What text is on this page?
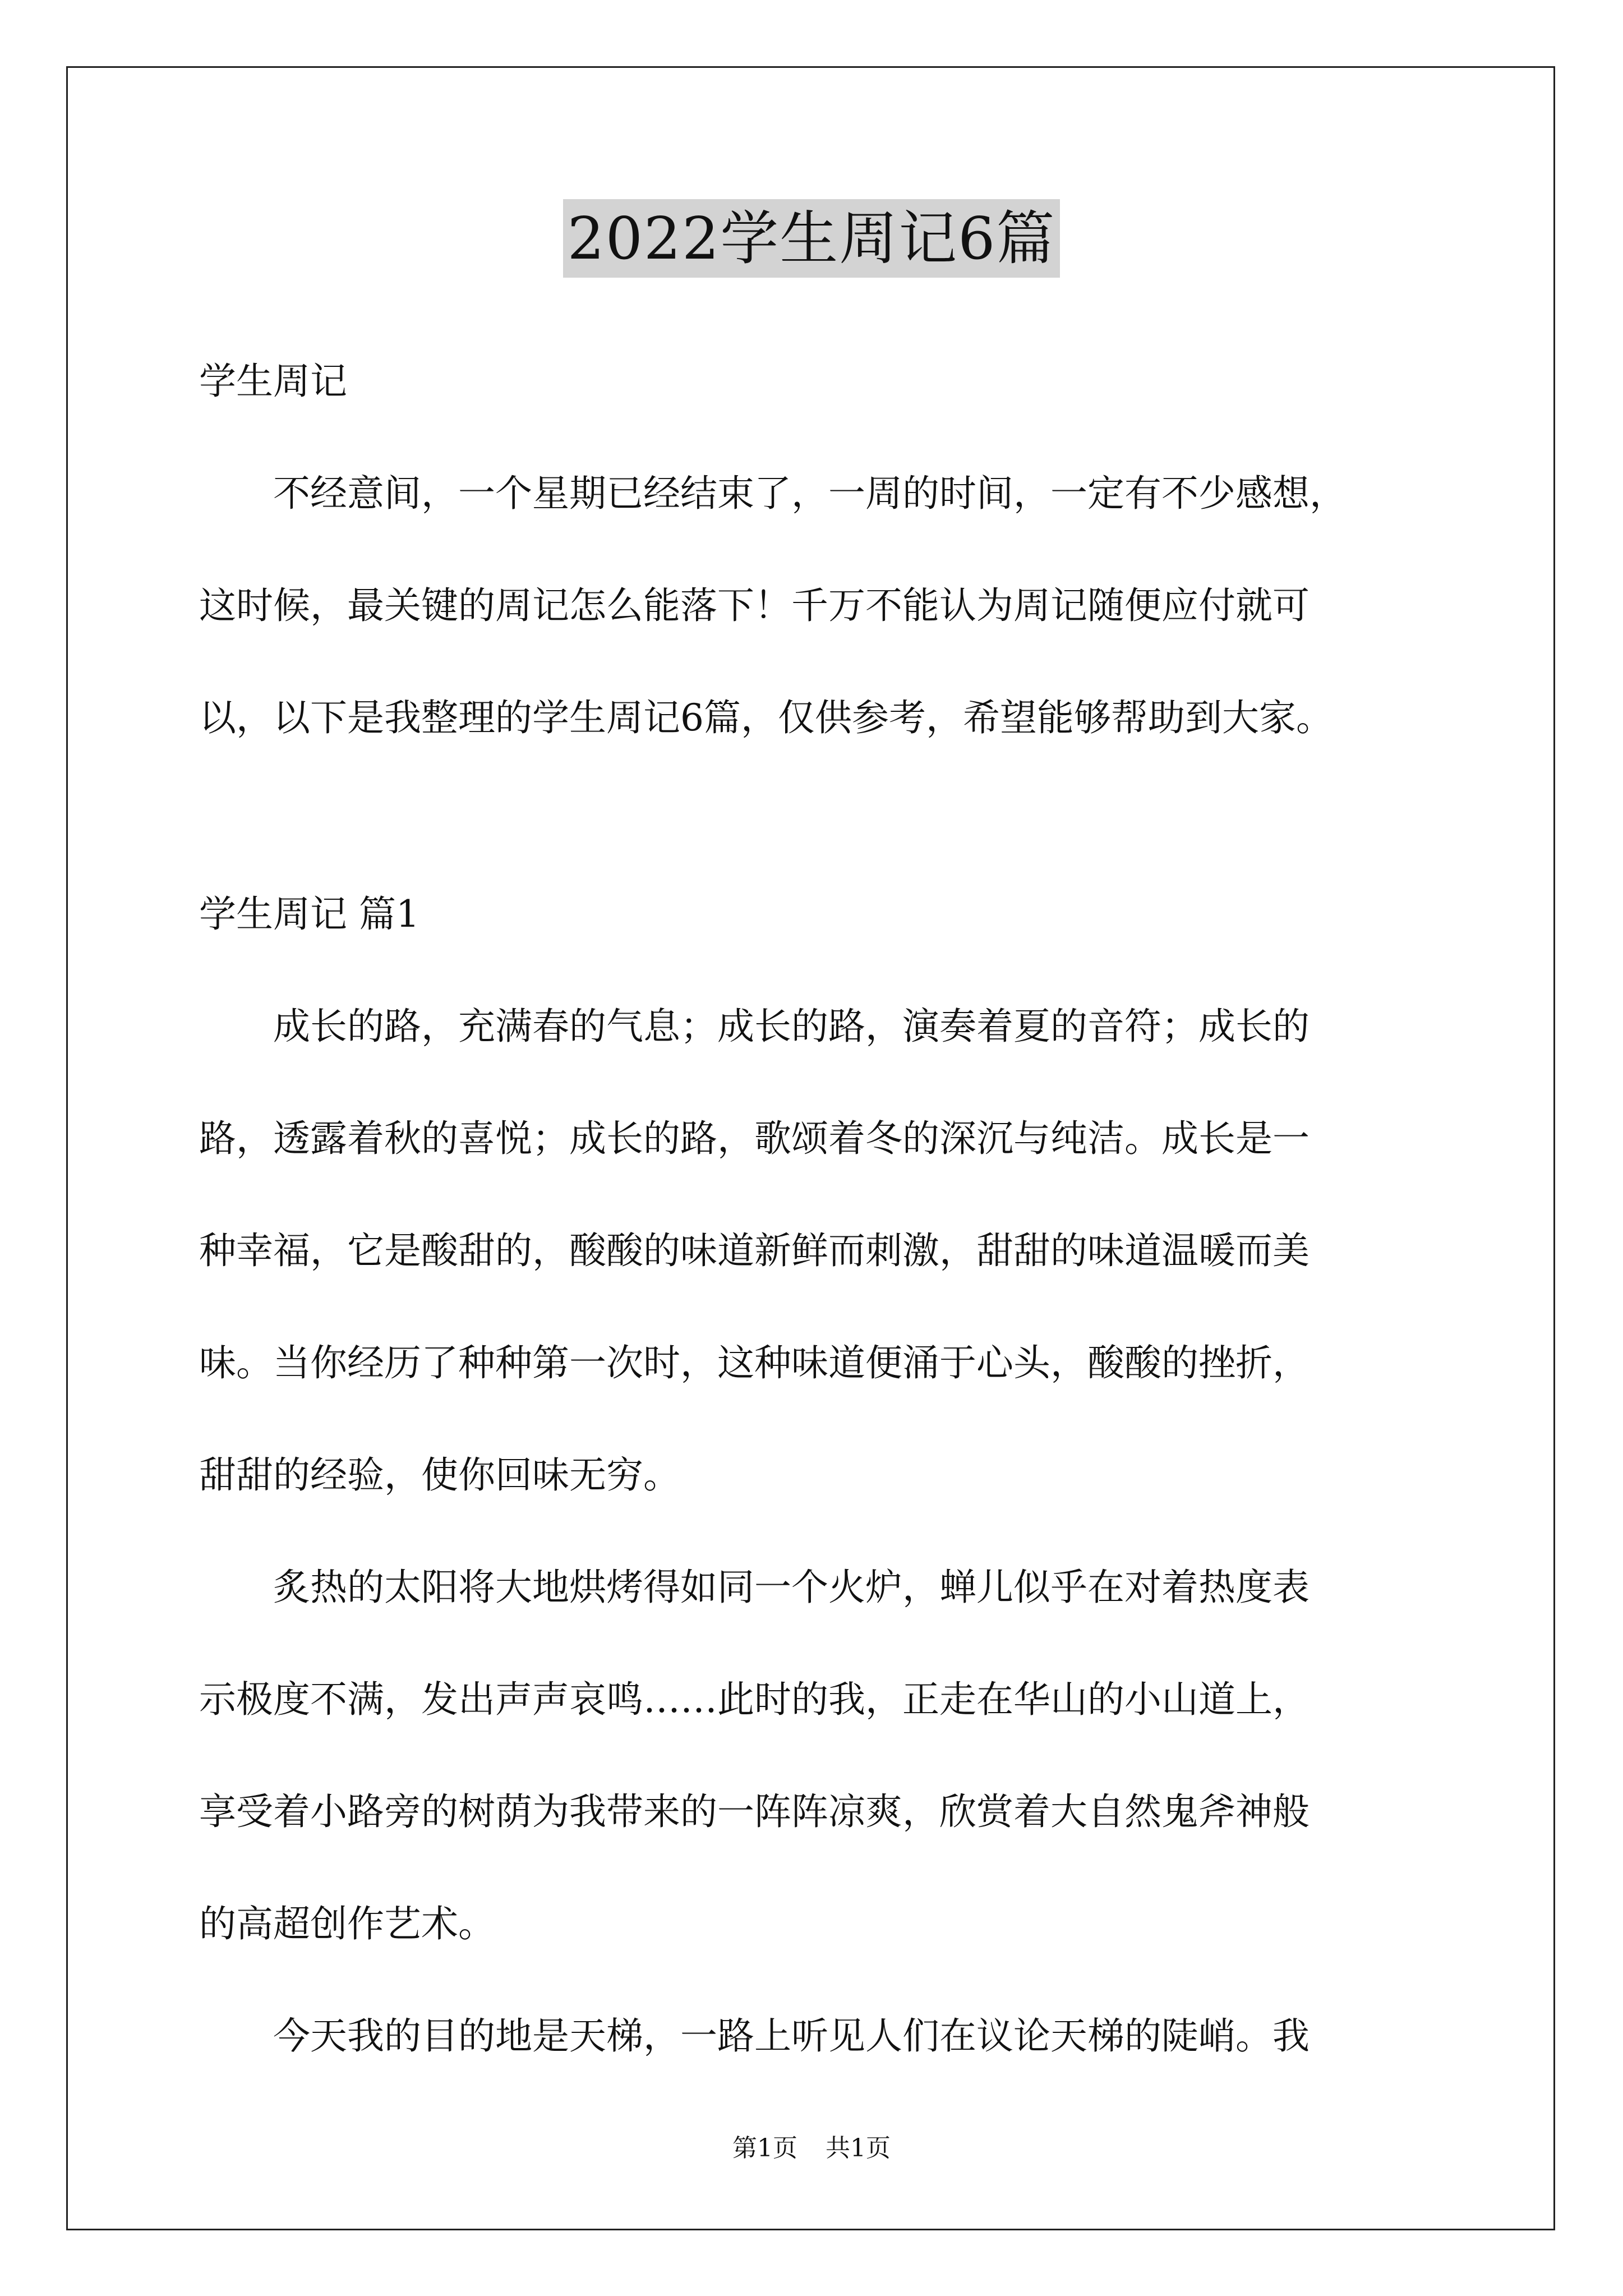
2022学生周记6篇

学生周记

　　不经意间，一个星期已经结束了，一周的时间，一定有不少感想，
这时候，最关键的周记怎么能落下！千万不能认为周记随便应付就可
以，以下是我整理的学生周记6篇，仅供参考，希望能够帮助到大家。

学生周记 篇1

　　成长的路，充满春的气息；成长的路，演奏着夏的音符；成长的
路，透露着秋的喜悦；成长的路，歌颂着冬的深沉与纯洁。成长是一
种幸福，它是酸甜的，酸酸的味道新鲜而刺激，甜甜的味道温暖而美
味。当你经历了种种第一次时，这种味道便涌于心头，酸酸的挫折，
甜甜的经验，使你回味无穷。
　　炙热的太阳将大地烘烤得如同一个火炉，蝉儿似乎在对着热度表
示极度不满，发出声声哀鸣……此时的我，正走在华山的小山道上，
享受着小路旁的树荫为我带来的一阵阵凉爽，欣赏着大自然鬼斧神般
的高超创作艺术。
　　今天我的目的地是天梯，一路上听见人们在议论天梯的陡峭。我
第1页 共1页
